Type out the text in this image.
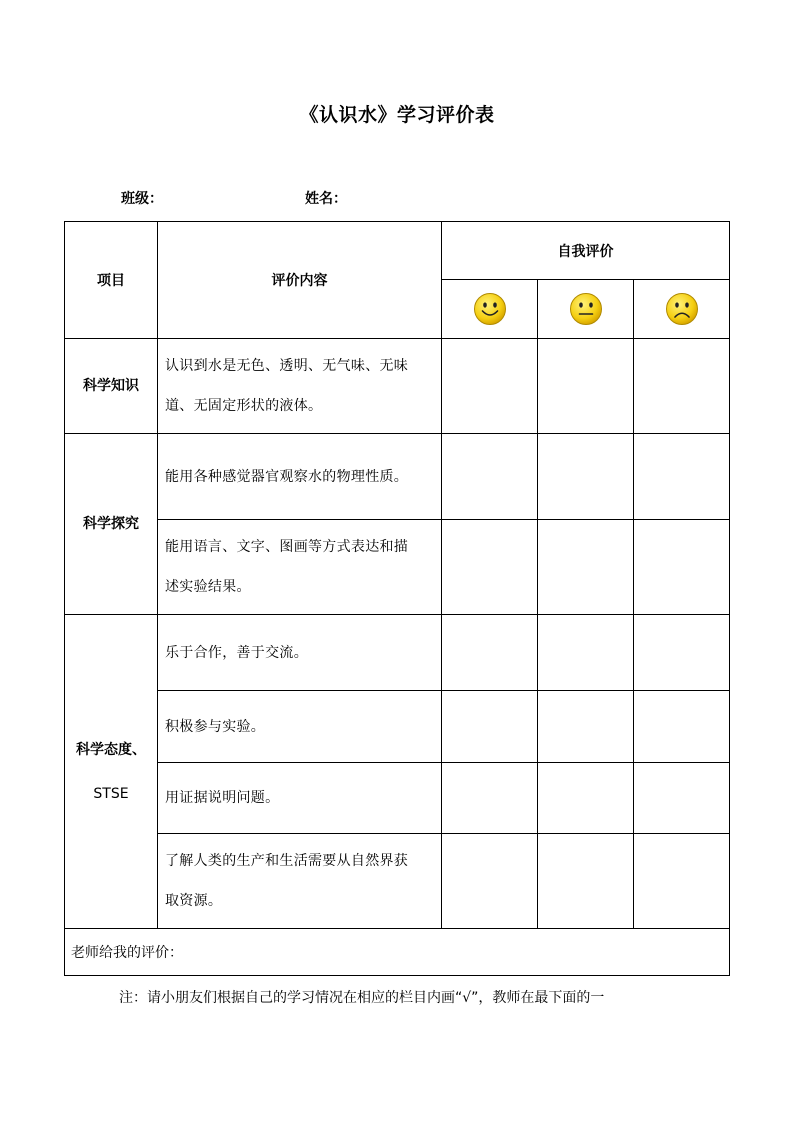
《认识水》学习评价表
班级：	姓名：
项目	评价内容	自我评价		

科学知识	认识到水是无色、透明、无气味、无味
道、无固定形状的液体。			

科学探究	能用各种感觉器官观察水的物理性质。			

	能用语言、文字、图画等方式表达和描
述实验结果。			

科学态度、
STSE	乐于合作，善于交流。			

	积极参与实验。			

	用证据说明问题。			

	了解人类的生产和生活需要从自然界获
取资源。			

老师给我的评价：				
注：请小朋友们根据自己的学习情况在相应的栏目内画“√”，教师在最下面的一
